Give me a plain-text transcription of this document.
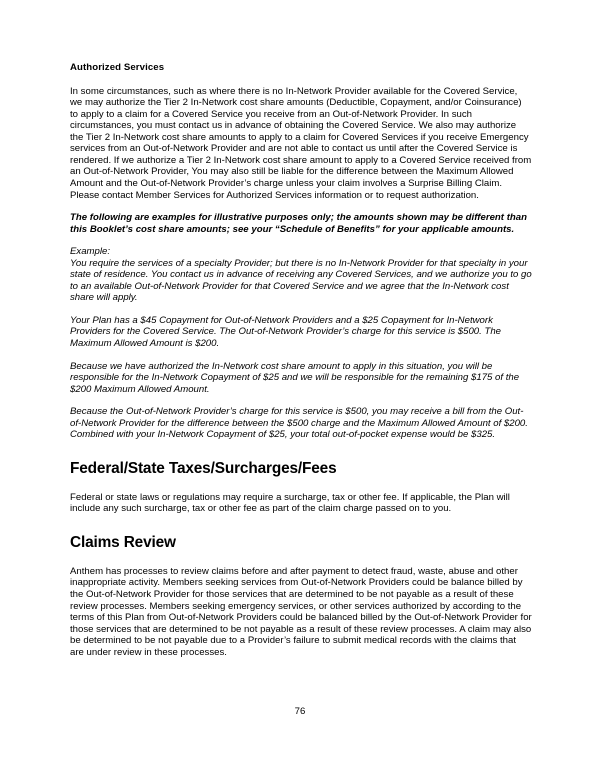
Authorized Services

In some circumstances, such as where there is no In-Network Provider available for the Covered Service, we may authorize the Tier 2 In-Network cost share amounts (Deductible, Copayment, and/or Coinsurance) to apply to a claim for a Covered Service you receive from an Out-of-Network Provider. In such circumstances, you must contact us in advance of obtaining the Covered Service. We also may authorize the Tier 2 In-Network cost share amounts to apply to a claim for Covered Services if you receive Emergency services from an Out-of-Network Provider and are not able to contact us until after the Covered Service is rendered. If we authorize a Tier 2 In-Network cost share amount to apply to a Covered Service received from an Out-of-Network Provider, You may also still be liable for the difference between the Maximum Allowed Amount and the Out-of-Network Provider’s charge unless your claim involves a Surprise Billing Claim. Please contact Member Services for Authorized Services information or to request authorization.

The following are examples for illustrative purposes only; the amounts shown may be different than this Booklet’s cost share amounts; see your “Schedule of Benefits” for your applicable amounts.

Example:

You require the services of a specialty Provider; but there is no In-Network Provider for that specialty in your state of residence. You contact us in advance of receiving any Covered Services, and we authorize you to go to an available Out-of-Network Provider for that Covered Service and we agree that the In-Network cost share will apply.

Your Plan has a $45 Copayment for Out-of-Network Providers and a $25 Copayment for In-Network Providers for the Covered Service. The Out-of-Network Provider’s charge for this service is $500. The Maximum Allowed Amount is $200.

Because we have authorized the In-Network cost share amount to apply in this situation, you will be responsible for the In-Network Copayment of $25 and we will be responsible for the remaining $175 of the $200 Maximum Allowed Amount.

Because the Out-of-Network Provider’s charge for this service is $500, you may receive a bill from the Out-of-Network Provider for the difference between the $500 charge and the Maximum Allowed Amount of $200. Combined with your In-Network Copayment of $25, your total out-of-pocket expense would be $325.

Federal/State Taxes/Surcharges/Fees

Federal or state laws or regulations may require a surcharge, tax or other fee. If applicable, the Plan will include any such surcharge, tax or other fee as part of the claim charge passed on to you.

Claims Review

Anthem has processes to review claims before and after payment to detect fraud, waste, abuse and other inappropriate activity. Members seeking services from Out-of-Network Providers could be balance billed by the Out-of-Network Provider for those services that are determined to be not payable as a result of these review processes. Members seeking emergency services, or other services authorized by according to the terms of this Plan from Out-of-Network Providers could be balanced billed by the Out-of-Network Provider for those services that are determined to be not payable as a result of these review processes. A claim may also be determined to be not payable due to a Provider’s failure to submit medical records with the claims that are under review in these processes.

76
